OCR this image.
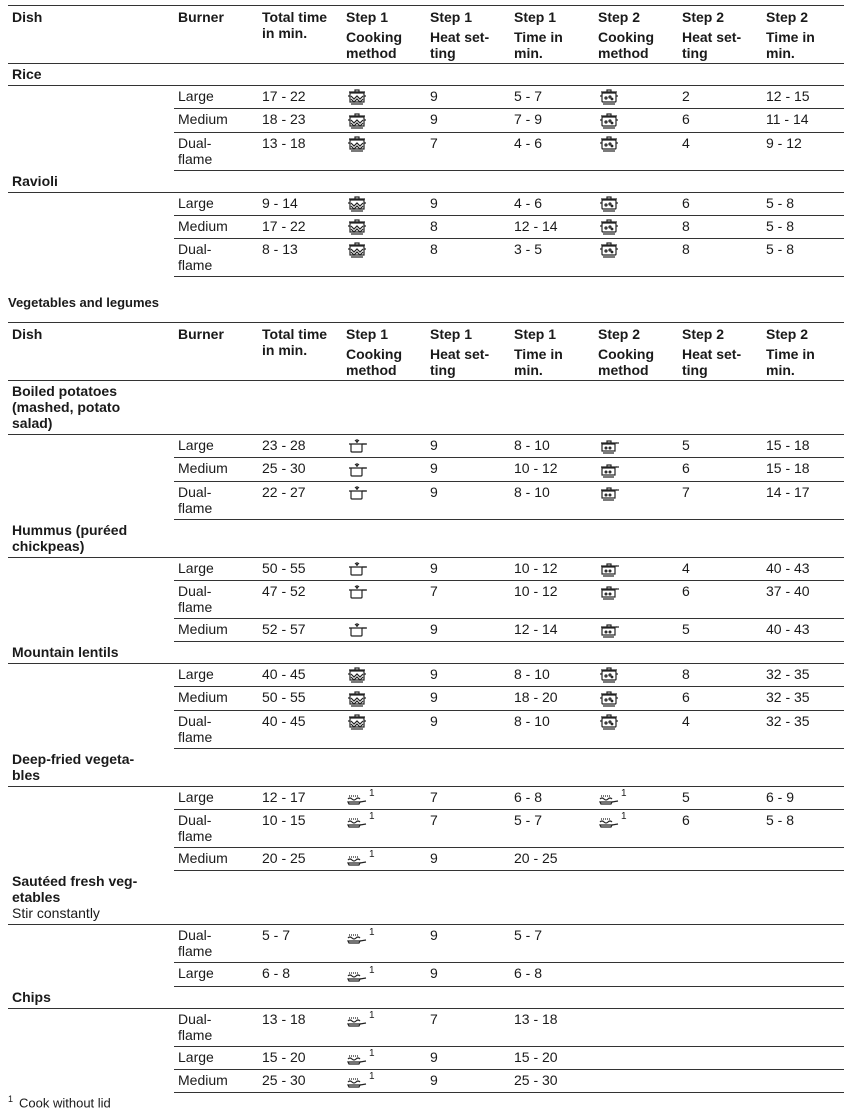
Dish	Burner	Total time in min.	Step 1	Step 1	Step 1	Step 2	Step 2	Step 2
			Cooking method	Heat set-ting	Time in min.	Cooking method	Heat set-ting	Time in min.

Rice								

	Large	17 - 22		9	5 - 7		2	12 - 15

	Medium	18 - 23		9	7 - 9		6	11 - 14

	Dual-flame	13 - 18		7	4 - 6		4	9 - 12

Ravioli								

	Large	9 - 14		9	4 - 6		6	5 - 8

	Medium	17 - 22		8	12 - 14		8	5 - 8

	Dual-flame	8 - 13		8	3 - 5		8	5 - 8
Vegetables and legumes
Dish	Burner	Total time in min.	Step 1	Step 1	Step 1	Step 2	Step 2	Step 2
			Cooking method	Heat set-ting	Time in min.	Cooking method	Heat set-ting	Time in min.

Boiled potatoes (mashed, potato salad)								

	Large	23 - 28		9	8 - 10		5	15 - 18

	Medium	25 - 30		9	10 - 12		6	15 - 18

	Dual-flame	22 - 27		9	8 - 10		7	14 - 17

Hummus (puréed chickpeas)								

	Large	50 - 55		9	10 - 12		4	40 - 43

	Dual-flame	47 - 52		7	10 - 12		6	37 - 40

	Medium	52 - 57		9	12 - 14		5	40 - 43

Mountain lentils								

	Large	40 - 45		9	8 - 10		8	32 - 35

	Medium	50 - 55		9	18 - 20		6	32 - 35

	Dual-flame	40 - 45		9	8 - 10		4	32 - 35

Deep-fried vegeta-bles								

	Large	12 - 17	$^1$	7	6 - 8	$^1$	5	6 - 9

	Dual-flame	10 - 15	$^1$	7	5 - 7	$^1$	6	5 - 8

	Medium	20 - 25	$^1$	9	20 - 25			

Sautéed fresh veg-etables
Stir constantly								

	Dual-flame	5 - 7	$^1$	9	5 - 7			

	Large	6 - 8	$^1$	9	6 - 8			

Chips								

	Dual-flame	13 - 18	$^1$	7	13 - 18			

	Large	15 - 20	$^1$	9	15 - 20			

	Medium	25 - 30	$^1$	9	25 - 30			
$^1$ Cook without lid
